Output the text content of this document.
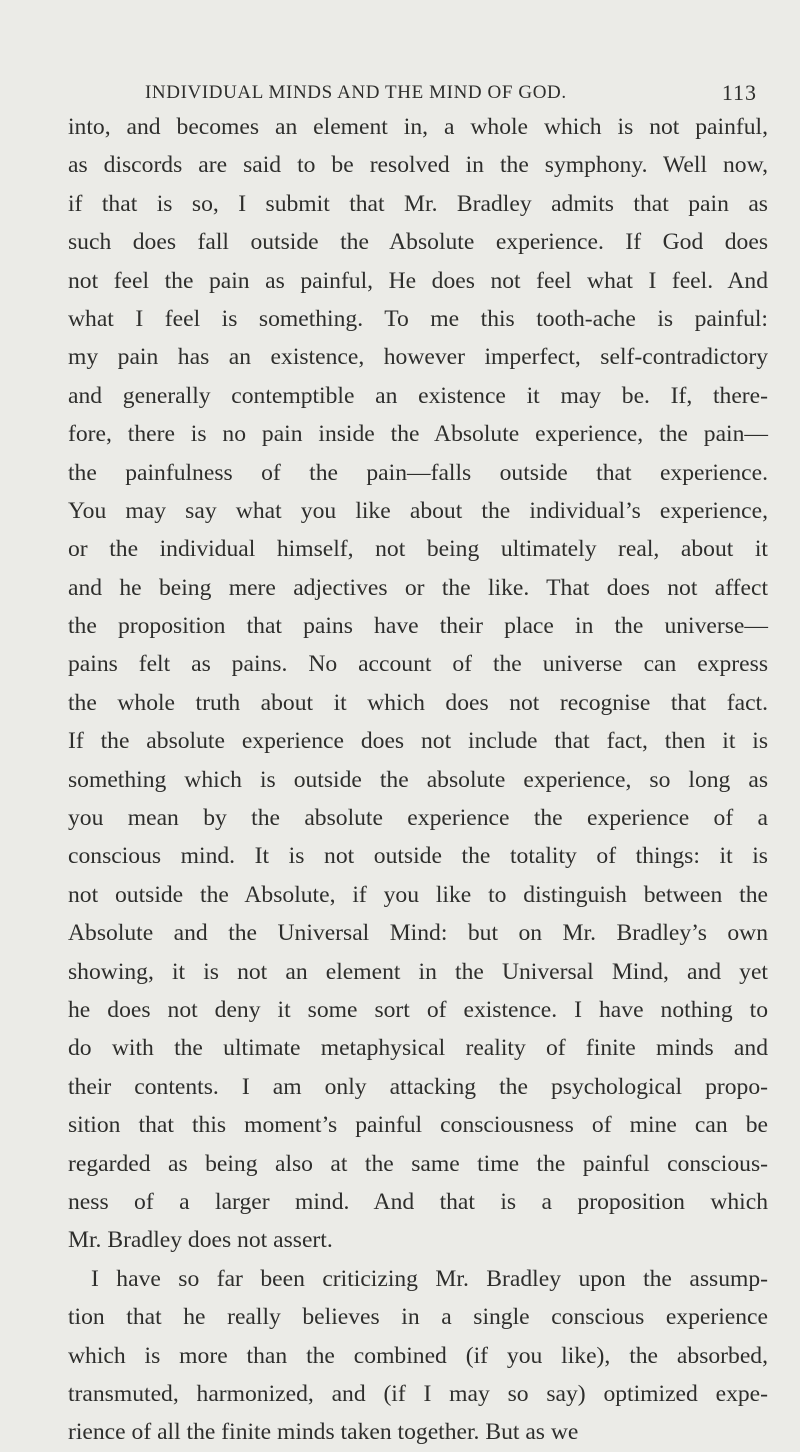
INDIVIDUAL MINDS AND THE MIND OF GOD.	113
into, and becomes an element in, a whole which is not painful,
as discords are said to be resolved in the symphony. Well now,
if that is so, I submit that Mr. Bradley admits that pain as
such does fall outside the Absolute experience. If God does
not feel the pain as painful, He does not feel what I feel. And
what I feel is something. To me this tooth-ache is painful:
my pain has an existence, however imperfect, self-contradictory
and generally contemptible an existence it may be. If, there-
fore, there is no pain inside the Absolute experience, the pain—
the painfulness of the pain—falls outside that experience.
You may say what you like about the individual’s experience,
or the individual himself, not being ultimately real, about it
and he being mere adjectives or the like. That does not affect
the proposition that pains have their place in the universe—
pains felt as pains. No account of the universe can express
the whole truth about it which does not recognise that fact.
If the absolute experience does not include that fact, then it is
something which is outside the absolute experience, so long as
you mean by the absolute experience the experience of a
conscious mind. It is not outside the totality of things: it is
not outside the Absolute, if you like to distinguish between the
Absolute and the Universal Mind: but on Mr. Bradley’s own
showing, it is not an element in the Universal Mind, and yet
he does not deny it some sort of existence. I have nothing to
do with the ultimate metaphysical reality of finite minds and
their contents. I am only attacking the psychological propo-
sition that this moment’s painful consciousness of mine can be
regarded as being also at the same time the painful conscious-
ness of a larger mind. And that is a proposition which
Mr. Bradley does not assert.
I have so far been criticizing Mr. Bradley upon the assump-
tion that he really believes in a single conscious experience
which is more than the combined (if you like), the absorbed,
transmuted, harmonized, and (if I may so say) optimized expe-
rience of all the finite minds taken together. But as we
